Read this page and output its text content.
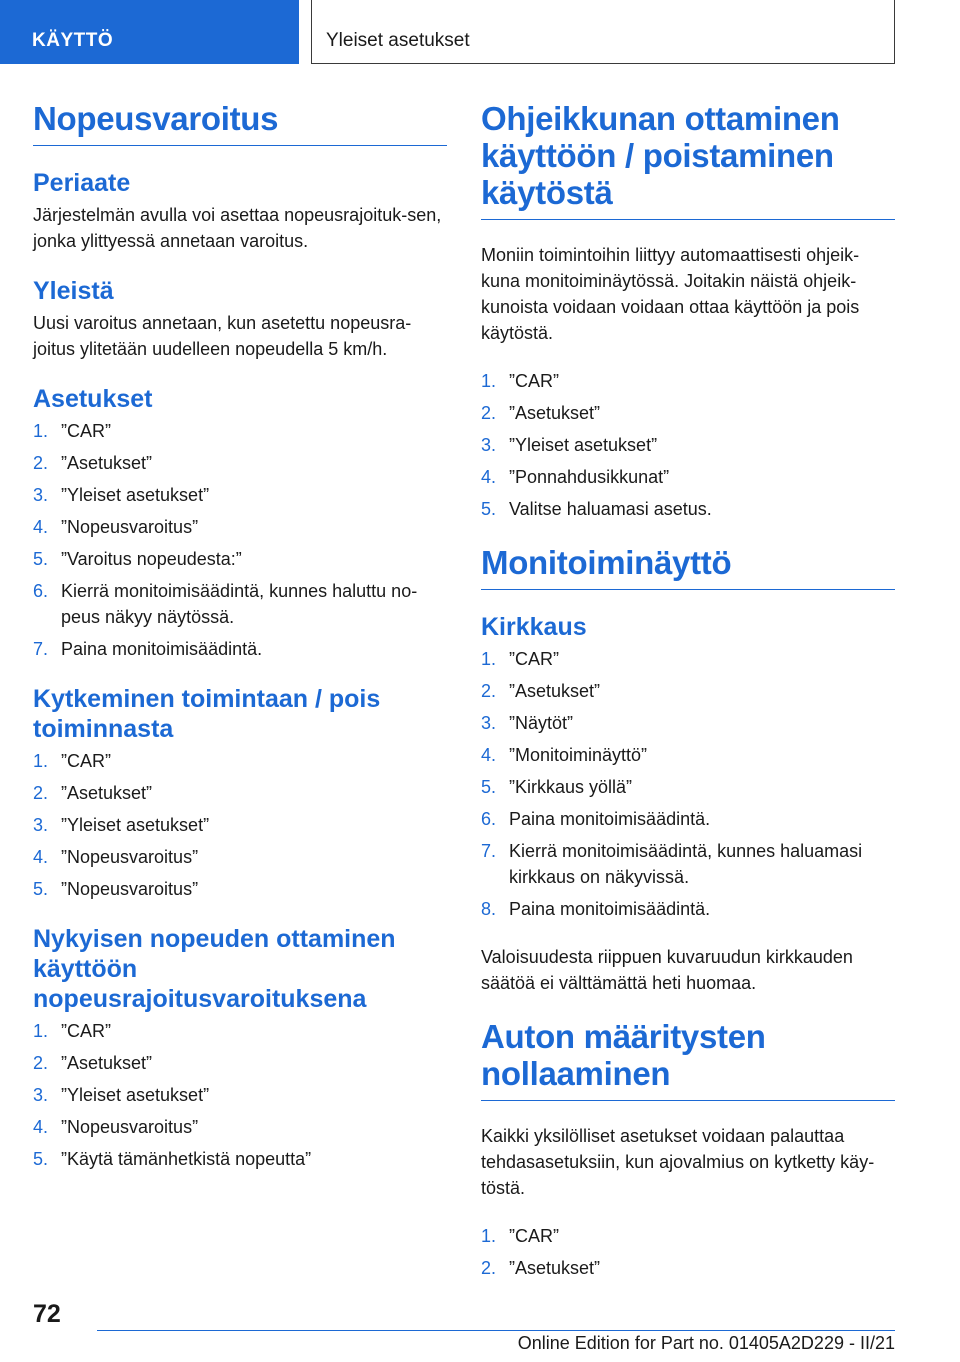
KÄYTTÖ	Yleiset asetukset
Nopeusvaroitus
Periaate

Järjestelmän avulla voi asettaa nopeusrajoituk-sen, jonka ylittyessä annetaan varoitus.

Yleistä

Uusi varoitus annetaan, kun asetettu nopeusra-joitus ylitetään uudelleen nopeudella 5 km/h.

Asetukset
1. ”CAR”
2. ”Asetukset”
3. ”Yleiset asetukset”
4. ”Nopeusvaroitus”
5. ”Varoitus nopeudesta:”
6. Kierrä monitoimisäädintä, kunnes haluttu no-peus näkyy näytössä.
7. Paina monitoimisäädintä.
Kytkeminen toimintaan / pois toiminnasta
1. ”CAR”
2. ”Asetukset”
3. ”Yleiset asetukset”
4. ”Nopeusvaroitus”
5. ”Nopeusvaroitus”
Nykyisen nopeuden ottaminen käyttöön nopeusrajoitusvaroituksena
1. ”CAR”
2. ”Asetukset”
3. ”Yleiset asetukset”
4. ”Nopeusvaroitus”
5. ”Käytä tämänhetkistä nopeutta”
Ohjeikkunan ottaminen käyttöön / poistaminen käytöstä

Moniin toimintoihin liittyy automaattisesti ohjeik-kuna monitoiminäytössä. Joitakin näistä ohjeik-kunoista voidaan voidaan ottaa käyttöön ja pois käytöstä.

1. ”CAR”
2. ”Asetukset”
3. ”Yleiset asetukset”
4. ”Ponnahdusikkunat”
5. Valitse haluamasi asetus.
Monitoiminäyttö
Kirkkaus
1. ”CAR”
2. ”Asetukset”
3. ”Näytöt”
4. ”Monitoiminäyttö”
5. ”Kirkkaus yöllä”
6. Paina monitoimisäädintä.
7. Kierrä monitoimisäädintä, kunnes haluamasi kirkkaus on näkyvissä.
8. Paina monitoimisäädintä.

Valoisuudesta riippuen kuvaruudun kirkkauden säätöä ei välttämättä heti huomaa.

Auton määritysten nollaaminen

Kaikki yksilölliset asetukset voidaan palauttaa tehdasasetuksiin, kun ajovalmius on kytketty käy-töstä.

1. ”CAR”
2. ”Asetukset”
72
Online Edition for Part no. 01405A2D229 - II/21
